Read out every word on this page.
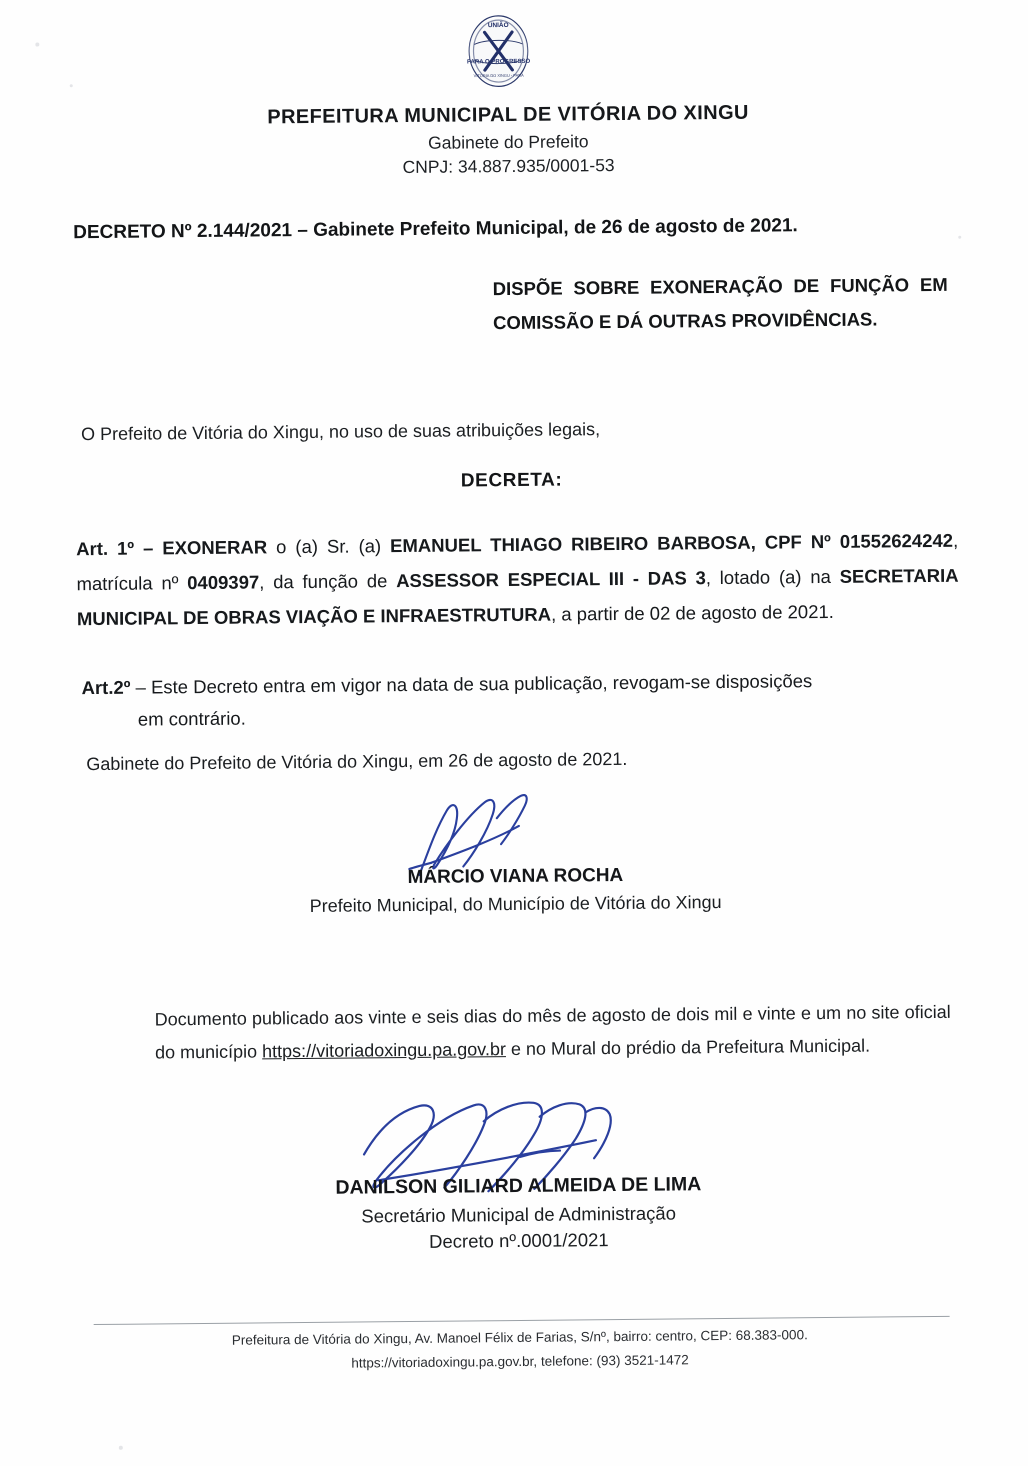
UNIÃO
PARA O PROGRESSO
VITÓRIA DO XINGU - PARÁ
PREFEITURA MUNICIPAL DE VITÓRIA DO XINGU
Gabinete do Prefeito
CNPJ: 34.887.935/0001-53
DECRETO Nº 2.144/2021 – Gabinete Prefeito Municipal, de 26 de agosto de 2021.
DISPÕE SOBRE EXONERAÇÃO DE FUNÇÃO EM COMISSÃO E DÁ OUTRAS PROVIDÊNCIAS.
O Prefeito de Vitória do Xingu, no uso de suas atribuições legais,
DECRETA:
Art. 1º – EXONERAR o (a) Sr. (a) EMANUEL THIAGO RIBEIRO BARBOSA, CPF Nº 01552624242, matrícula nº 0409397, da função de ASSESSOR ESPECIAL III - DAS 3, lotado (a) na SECRETARIA MUNICIPAL DE OBRAS VIAÇÃO E INFRAESTRUTURA, a partir de 02 de agosto de 2021.
Art.2º – Este Decreto entra em vigor na data de sua publicação, revogam-se disposições
em contrário.
Gabinete do Prefeito de Vitória do Xingu, em 26 de agosto de 2021.
MÁRCIO VIANA ROCHA
Prefeito Municipal, do Município de Vitória do Xingu
Documento publicado aos vinte e seis dias do mês de agosto de dois mil e vinte e um no site oficial do município https://vitoriadoxingu.pa.gov.br e no Mural do prédio da Prefeitura Municipal.
DANILSON GILIARD ALMEIDA DE LIMA
Secretário Municipal de Administração
Decreto nº.0001/2021
Prefeitura de Vitória do Xingu, Av. Manoel Félix de Farias, S/nº, bairro: centro, CEP: 68.383-000.
https://vitoriadoxingu.pa.gov.br, telefone: (93) 3521-1472
